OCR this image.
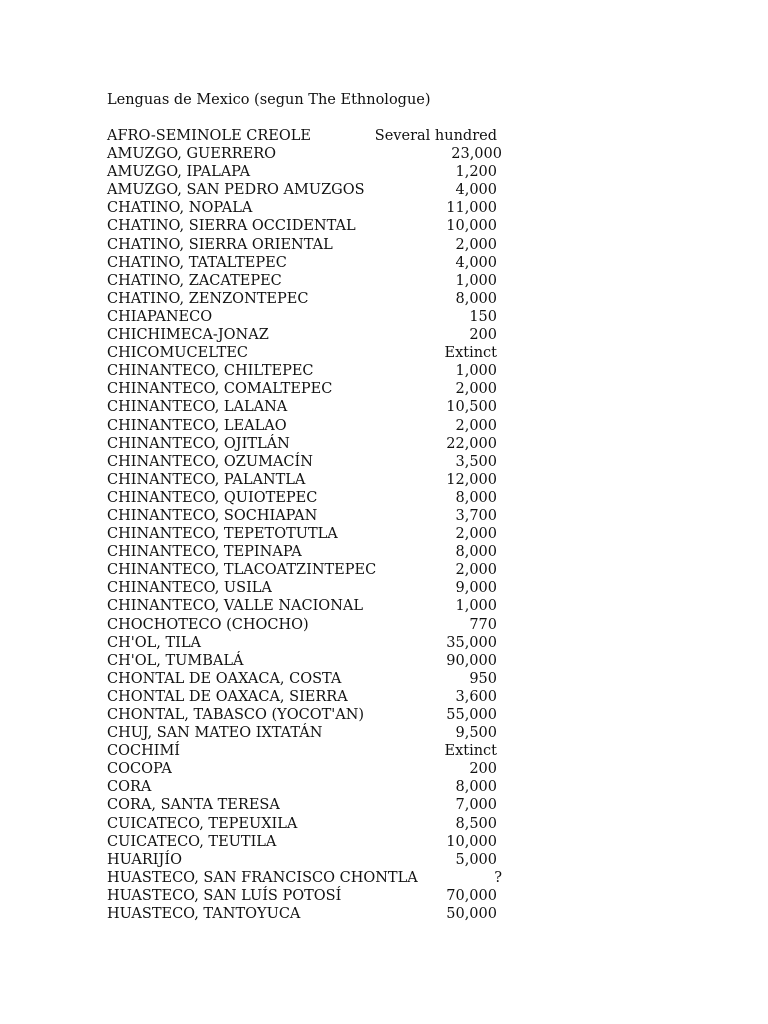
Lenguas de Mexico (segun The Ethnologue)
AFRO-SEMINOLE CREOLE	Several hundred
AMUZGO, GUERRERO	23,000
AMUZGO, IPALAPA	1,200
AMUZGO, SAN PEDRO AMUZGOS	4,000
CHATINO, NOPALA	11,000
CHATINO, SIERRA OCCIDENTAL	10,000
CHATINO, SIERRA ORIENTAL	2,000
CHATINO, TATALTEPEC	4,000
CHATINO, ZACATEPEC	1,000
CHATINO, ZENZONTEPEC	8,000
CHIAPANECO	150
CHICHIMECA-JONAZ	200
CHICOMUCELTEC	Extinct
CHINANTECO, CHILTEPEC	1,000
CHINANTECO, COMALTEPEC	2,000
CHINANTECO, LALANA	10,500
CHINANTECO, LEALAO	2,000
CHINANTECO, OJITLÁN	22,000
CHINANTECO, OZUMACÍN	3,500
CHINANTECO, PALANTLA	12,000
CHINANTECO, QUIOTEPEC	8,000
CHINANTECO, SOCHIAPAN	3,700
CHINANTECO, TEPETOTUTLA	2,000
CHINANTECO, TEPINAPA	8,000
CHINANTECO, TLACOATZINTEPEC	2,000
CHINANTECO, USILA	9,000
CHINANTECO, VALLE NACIONAL	1,000
CHOCHOTECO (CHOCHO)	770
CH'OL, TILA	35,000
CH'OL, TUMBALÁ	90,000
CHONTAL DE OAXACA, COSTA	950
CHONTAL DE OAXACA, SIERRA	3,600
CHONTAL, TABASCO (YOCOT'AN)	55,000
CHUJ, SAN MATEO IXTATÁN	9,500
COCHIMÍ	Extinct
COCOPA	200
CORA	8,000
CORA, SANTA TERESA	7,000
CUICATECO, TEPEUXILA	8,500
CUICATECO, TEUTILA	10,000
HUARIJÍO	5,000
HUASTECO, SAN FRANCISCO CHONTLA	?
HUASTECO, SAN LUÍS POTOSÍ	70,000
HUASTECO, TANTOYUCA	50,000
